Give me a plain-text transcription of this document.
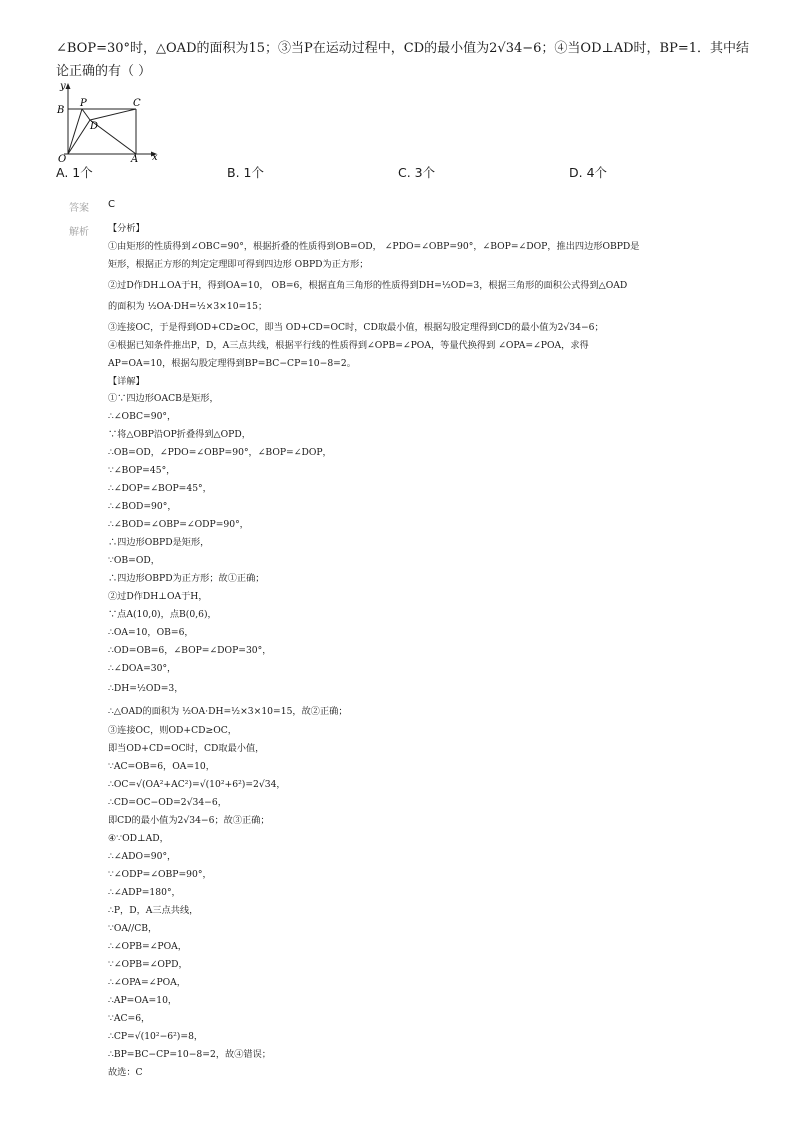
∠BOP=30°时，△OAD的面积为15；③当P在运动过程中，CD的最小值为2√34−6；④当OD⊥AD时，BP=1．其中结
论正确的有（ ）
y
B
P	C
D
O	A x
A. 1个	B. 1个	C. 3个	D. 4个
答案 C
解析 【分析】
①由矩形的性质得到∠OBC=90°，根据折叠的性质得到OB=OD， ∠PDO=∠OBP=90°，∠BOP=∠DOP，推出四边形OBPD是
矩形，根据正方形的判定定理即可得到四边形 OBPD为正方形；
②过D作DH⊥OA于H，得到OA=10， OB=6，根据直角三角形的性质得到DH=½OD=3，根据三角形的面积公式得到△OAD
的面积为 ½OA·DH=½×3×10=15；
③连接OC，于是得到OD+CD≥OC，即当 OD+CD=OC时，CD取最小值，根据勾股定理得到CD的最小值为2√34−6；
④根据已知条件推出P，D，A三点共线，根据平行线的性质得到∠OPB=∠POA，等量代换得到 ∠OPA=∠POA，求得
AP=OA=10，根据勾股定理得到BP=BC−CP=10−8=2。
【详解】
①∵四边形OACB是矩形，
∴∠OBC=90°，
∵将△OBP沿OP折叠得到△OPD，
∴OB=OD，∠PDO=∠OBP=90°，∠BOP=∠DOP，
∵∠BOP=45°，
∴∠DOP=∠BOP=45°，
∴∠BOD=90°，
∴∠BOD=∠OBP=∠ODP=90°，
∴四边形OBPD是矩形，
∵OB=OD，
∴四边形OBPD为正方形；故①正确；
②过D作DH⊥OA于H，
∵点A(10,0)，点B(0,6)，
∴OA=10，OB=6，
∴OD=OB=6，∠BOP=∠DOP=30°，
∴∠DOA=30°，
∴DH=½OD=3，
∴△OAD的面积为 ½OA·DH=½×3×10=15，故②正确；
③连接OC，则OD+CD≥OC，
即当OD+CD=OC时，CD取最小值，
∵AC=OB=6，OA=10，
∴OC=√(OA²+AC²)=√(10²+6²)=2√34，
∴CD=OC−OD=2√34−6，
即CD的最小值为2√34−6；故③正确；
④∵OD⊥AD，
∴∠ADO=90°，
∵∠ODP=∠OBP=90°，
∴∠ADP=180°，
∴P，D，A三点共线，
∵OA//CB，
∴∠OPB=∠POA，
∵∠OPB=∠OPD，
∴∠OPA=∠POA，
∴AP=OA=10，
∵AC=6，
∴CP=√(10²−6²)=8，
∴BP=BC−CP=10−8=2，故④错误；
故选：C
